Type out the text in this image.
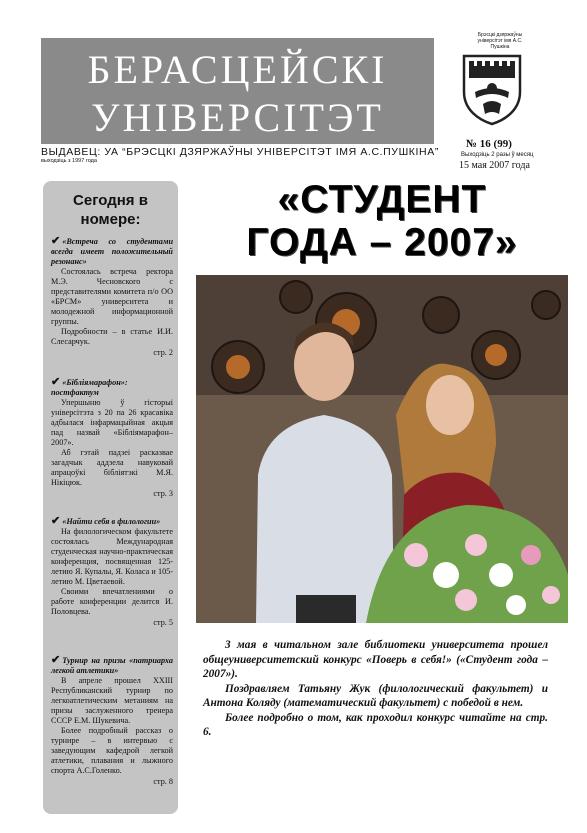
БЕРАСЦЕЙСКІ
УНІВЕРСІТЭТ
ВЫДАВЕЦ: УА “БРЭСЦКІ ДЗЯРЖАЎНЫ УНІВЕРСІТЭТ ІМЯ А.С.ПУШКІНА”
выходзіць з 1997 года
Брэсцкі дзяржаўны універсітэт імя А.С. Пушкіна
№ 16 (99)
Выходзіць 2 разы ў месяц
15 мая 2007 года
Сегодня в номере:
✔ «Встреча со студентами всегда имеет положительный резонанс»

Состоялась встреча ректора М.Э. Чесновского с представителями комитета п/о ОО «БРСМ» университета и молодежной информационной группы.

Подробности – в статье И.И. Слесарчук.

стр. 2
✔ «Бібліямарафон»: постфактум

Упершыню ў гісторыі універсітэта з 20 па 26 красавіка адбылася інфармацыйная акцыя пад назвай «Бібліямарафон– 2007».

Аб гэтай падзеі расказвае загадчык аддзела навуковай апрацоўкі бібліятэкі М.Я. Нікіцюк.

стр. 3
✔ «Найти себя в филологии»

На филологическом факультете состоялась Международная студенческая научно-практическая конференция, посвященная 125-летию Я. Купалы, Я. Коласа и 105-летию М. Цветаевой.

Своими впечатлениями о работе конференции делится И. Половцева.

стр. 5
✔ Турнир на призы «патриарха легкой атлетики»

В апреле прошел XXIII Республиканский турнир по легкоатлетическим метаниям на призы заслуженного тренера СССР Е.М. Шукевича.

Более подробный рассказ о турнире – в интервью с заведующим кафедрой легкой атлетики, плавания и лыжного спорта А.С.Голенко.

стр. 8
«СТУДЕНТ
ГОДА – 2007»

3 мая в читальном зале библиотеки университета прошел общеуниверситетский конкурс «Поверь в себя!» («Студент года – 2007»).

Поздравляем Татьяну Жук (филологический факультет) и Антона Коляду (математический факультет) с победой в нем.

Более подробно о том, как проходил конкурс читайте на стр. 6.
